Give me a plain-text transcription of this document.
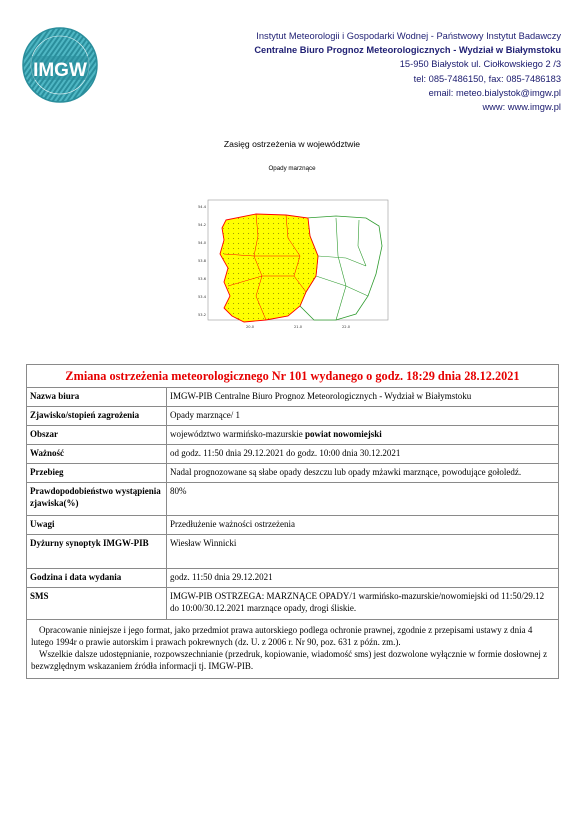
IMGW
Instytut Meteorologii i Gospodarki Wodnej - Państwowy Instytut Badawczy
Centralne Biuro Prognoz Meteorologicznych - Wydział w Białymstoku
15-950 Białystok ul. Ciołkowskiego 2 /3
tel: 085-7486150, fax: 085-7486183
email: meteo.bialystok@imgw.pl
www: www.imgw.pl
Zasięg ostrzeżenia w województwie
Opady marznące
54.4
54.2
54.0
53.8
53.6
53.4
53.2
20.0	21.0	22.0
Zmiana ostrzeżenia meteorologicznego Nr 101 wydanego o godz. 18:29 dnia 28.12.2021	
Nazwa biura	IMGW-PIB Centralne Biuro Prognoz Meteorologicznych - Wydział w Białymstoku
Zjawisko/stopień zagrożenia	Opady marznące/ 1
Obszar	województwo warmińsko-mazurskie powiat nowomiejski
Ważność	od godz. 11:50 dnia 29.12.2021 do godz. 10:00 dnia 30.12.2021
Przebieg	Nadal prognozowane są słabe opady deszczu lub opady mżawki marznące, powodujące gołoledź.
Prawdopodobieństwo wystąpienia zjawiska(%)	80%
Uwagi	Przedłużenie ważności ostrzeżenia
Dyżurny synoptyk IMGW-PIB	Wiesław Winnicki
Godzina i data wydania	godz. 11:50 dnia 29.12.2021
SMS	IMGW-PIB OSTRZEGA: MARZNĄCE OPADY/1 warmińsko-mazurskie/nowomiejski od 11:50/29.12 do 10:00/30.12.2021 marznące opady, drogi śliskie.

Opracowanie niniejsze i jego format, jako przedmiot prawa autorskiego podlega ochronie prawnej, zgodnie z przepisami ustawy z dnia 4 lutego 1994r o prawie autorskim i prawach pokrewnych (dz. U. z 2006 r. Nr 90, poz. 631 z późn. zm.).

Wszelkie dalsze udostępnianie, rozpowszechnianie (przedruk, kopiowanie, wiadomość sms) jest dozwolone wyłącznie w formie dosłownej z bezwzględnym wskazaniem źródła informacji tj. IMGW-PIB.	
